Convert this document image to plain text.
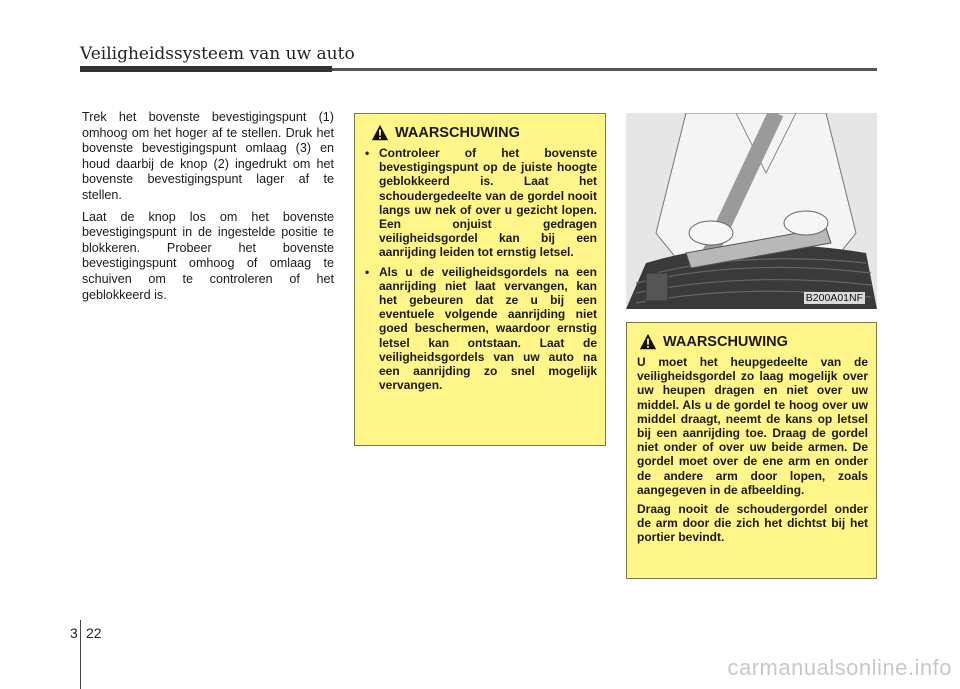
Veiligheidssysteem van uw auto

Trek het bovenste bevestigingspunt (1) omhoog om het hoger af te stellen. Druk het bovenste bevestigingspunt omlaag (3) en houd daarbij de knop (2) ingedrukt om het bovenste bevestigingspunt lager af te stellen.

Laat de knop los om het bovenste bevestigingspunt in de ingestelde positie te blokkeren. Probeer het bovenste bevestigingspunt omhoog of omlaag te schuiven om te controleren of het geblokkeerd is.

WAARSCHUWING
• Controleer of het bovenste bevestigingspunt op de juiste hoogte geblokkeerd is. Laat het schoudergedeelte van de gordel nooit langs uw nek of over u gezicht lopen. Een onjuist gedragen veiligheidsgordel kan bij een aanrijding leiden tot ernstig letsel.
• Als u de veiligheidsgordels na een aanrijding niet laat vervangen, kan het gebeuren dat ze u bij een eventuele volgende aanrijding niet goed beschermen, waardoor ernstig letsel kan ontstaan. Laat de veiligheidsgordels van uw auto na een aanrijding zo snel mogelijk vervangen.
B200A01NF
WAARSCHUWING

U moet het heupgedeelte van de veiligheidsgordel zo laag mogelijk over uw heupen dragen en niet over uw middel. Als u de gordel te hoog over uw middel draagt, neemt de kans op letsel bij een aanrijding toe. Draag de gordel niet onder of over uw beide armen. De gordel moet over de ene arm en onder de andere arm door lopen, zoals aangegeven in de afbeelding.

Draag nooit de schoudergordel onder de arm door die zich het dichtst bij het portier bevindt.

3 22
carmanualsonline.info
